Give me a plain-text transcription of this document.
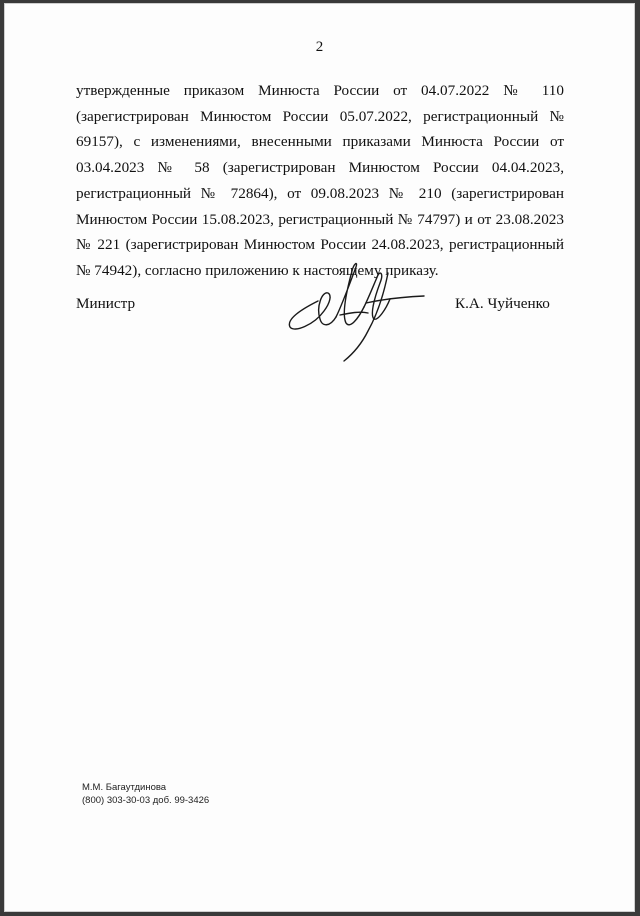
2

утвержденные приказом Минюста России от 04.07.2022 № 110 (зарегистрирован Минюстом России 05.07.2022, регистрационный № 69157), с изменениями, внесенными приказами Минюста России от 03.04.2023 № 58 (зарегистрирован Минюстом России 04.04.2023, регистрационный № 72864), от 09.08.2023 № 210 (зарегистрирован Минюстом России 15.08.2023, регистрационный № 74797) и от 23.08.2023 № 221 (зарегистрирован Минюстом России 24.08.2023, регистрационный № 74942), согласно приложению к настоящему приказу.

Министр	К.А. Чуйченко
М.М. Багаутдинова
(800) 303-30-03 доб. 99-3426
